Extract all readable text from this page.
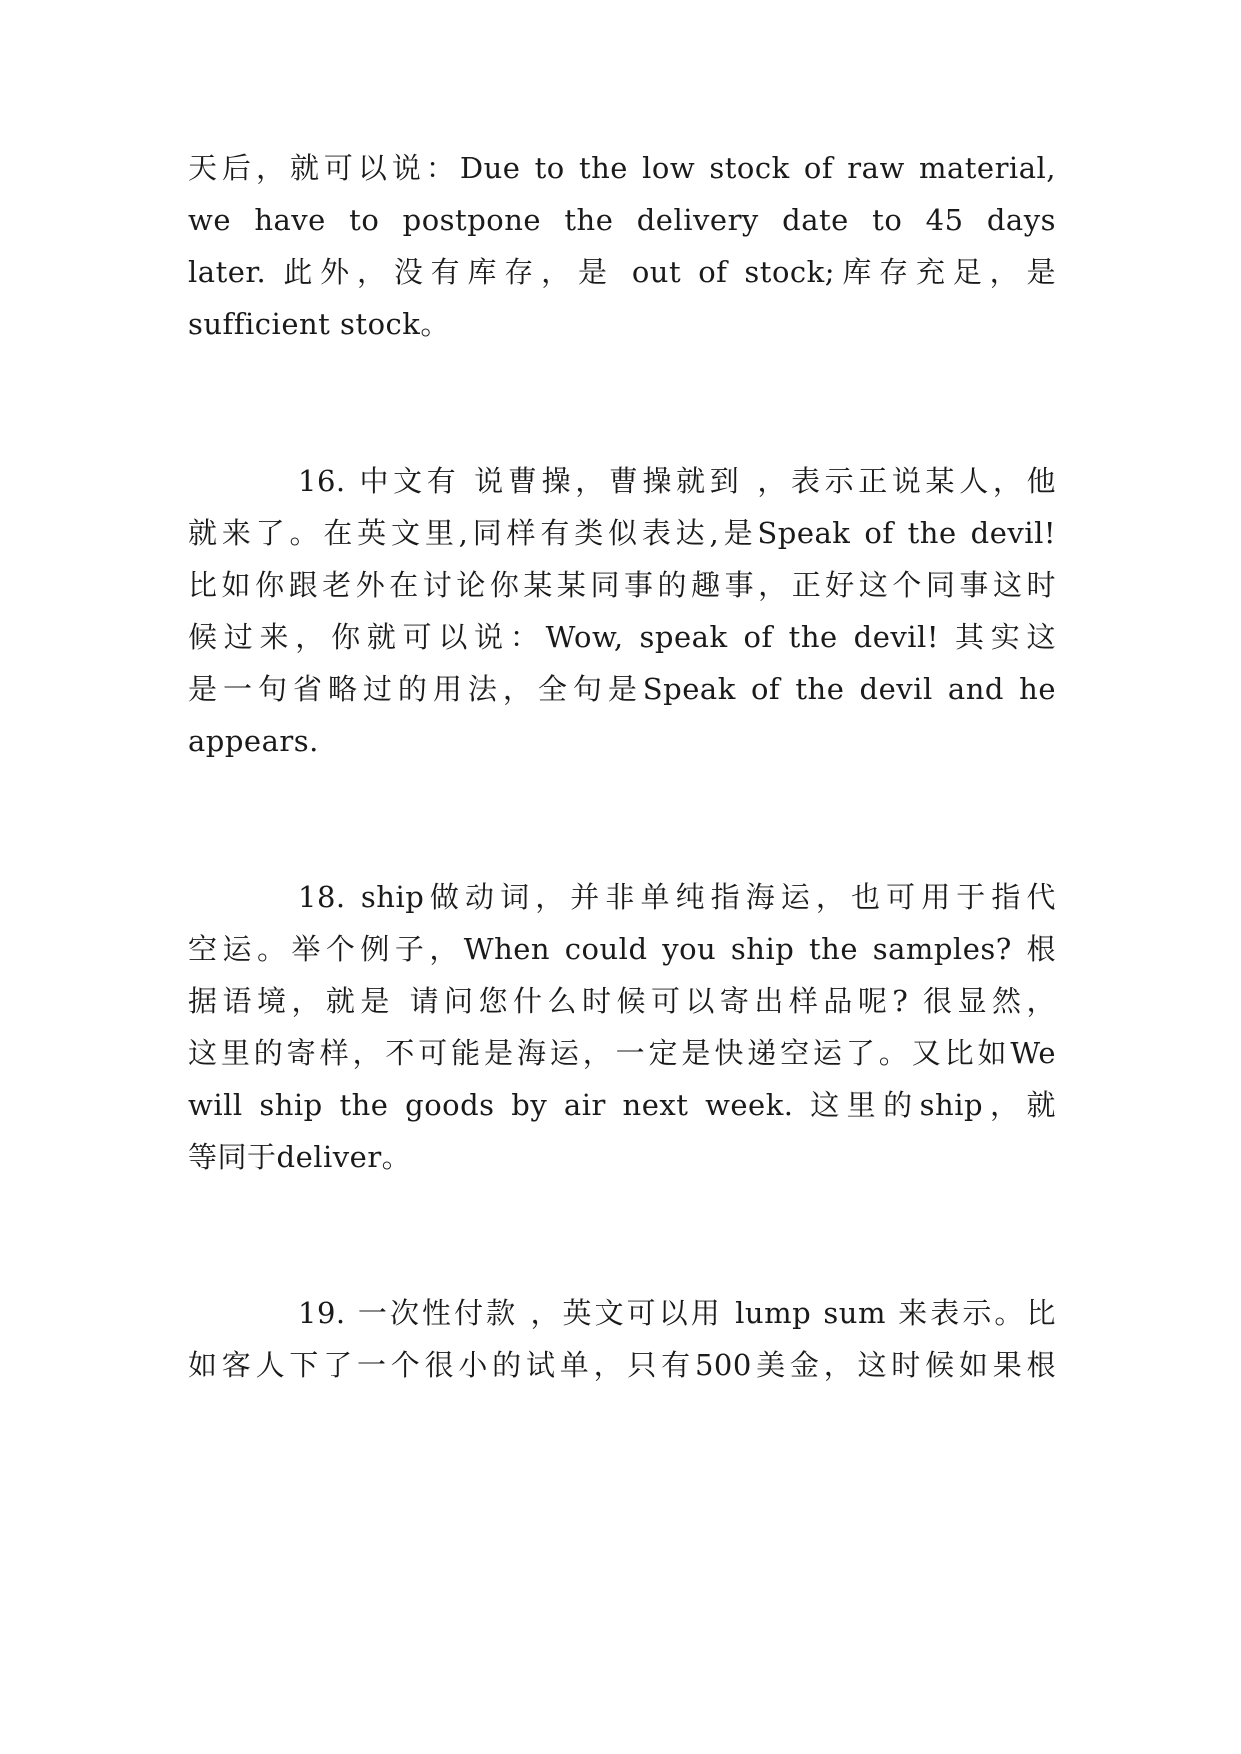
天后，就可以说：Due to the low stock of raw material,
we have to postpone the delivery date to 45 days
later. 此外，没有库存，是 out of stock;库存充足，是
sufficient stock。
16. 中文有 说曹操，曹操就到 ，表示正说某人，他
就来了。在英文里,同样有类似表达,是Speak of the devil!
比如你跟老外在讨论你某某同事的趣事，正好这个同事这时
候过来，你就可以说：Wow, speak of the devil! 其实这
是一句省略过的用法，全句是Speak of the devil and he
appears.
18. ship做动词，并非单纯指海运，也可用于指代
空运。举个例子，When could you ship the samples? 根
据语境，就是 请问您什么时候可以寄出样品呢? 很显然，
这里的寄样，不可能是海运，一定是快递空运了。又比如We
will ship the goods by air next week. 这里的ship，就
等同于deliver。
19. 一次性付款 ，英文可以用 lump sum 来表示。比
如客人下了一个很小的试单，只有500美金，这时候如果根
